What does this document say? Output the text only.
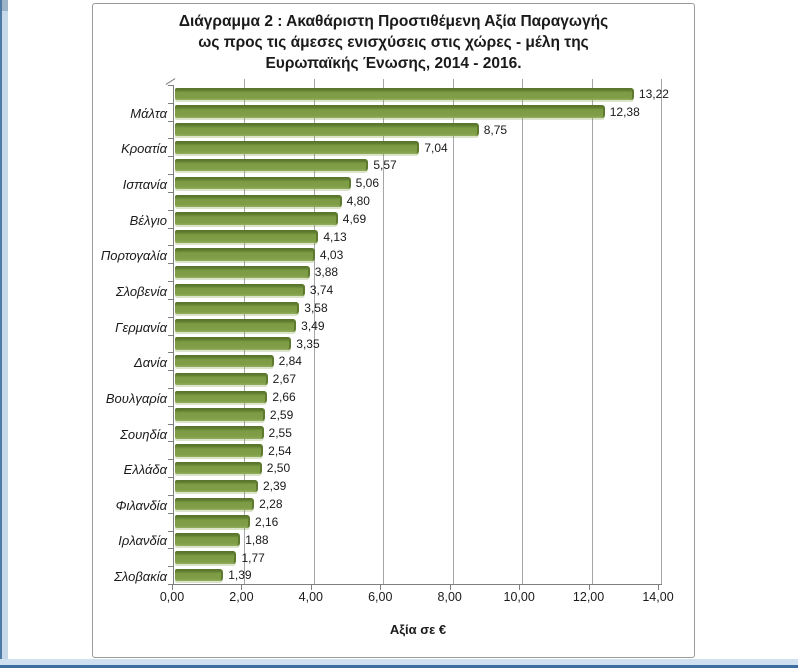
Διάγραμμα 2 : Ακαθάριστη Προστιθέμενη Αξία Παραγωγής
ως προς τις άμεσες ενισχύσεις στις χώρες - μέλη της
Ευρωπαϊκής Ένωσης, 2014 - 2016.
0,00	2,00	4,00	6,00	8,00	10,00	12,00	14,00
13,22
12,38
8,75
7,04
5,57
5,06
4,80
4,69
4,13
4,03
3,88
3,74
3,58
3,49
3,35
2,84
2,67
2,66
2,59
2,55
2,54
2,50
2,39
2,28
2,16
1,88
1,77
1,39
Μάλτα
Κροατία
Ισπανία
Βέλγιο
Πορτογαλία
Σλοβενία
Γερμανία
Δανία
Βουλγαρία
Σουηδία
Ελλάδα
Φιλανδία
Ιρλανδία
Σλοβακία
Αξία σε €
